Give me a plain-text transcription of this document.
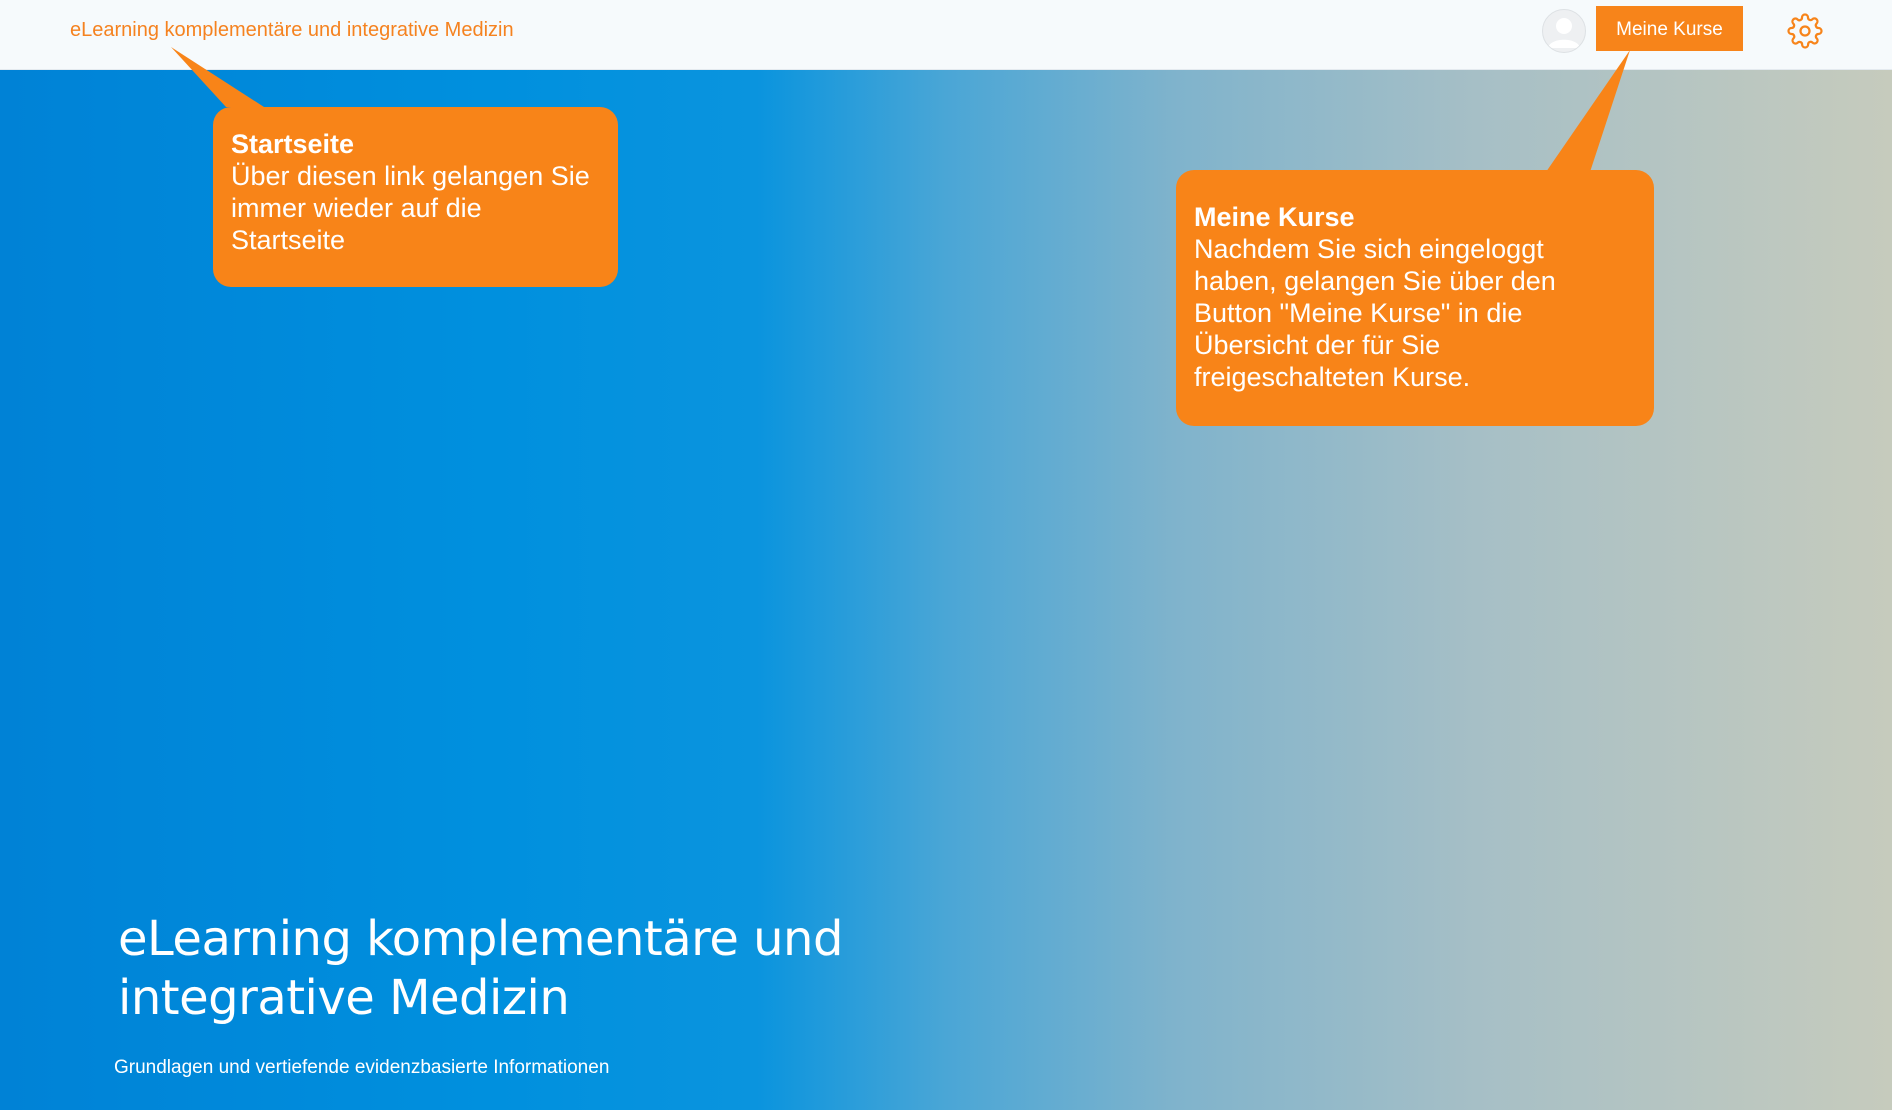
eLearning komplementäre und integrative Medizin	Meine Kurse
Startseite
Über diesen link gelangen Sie
immer wieder auf die
Startseite
Meine Kurse
Nachdem Sie sich eingeloggt
haben, gelangen Sie über den
Button "Meine Kurse" in die
Übersicht der für Sie
freigeschalteten Kurse.
eLearning komplementäre und
integrative Medizin

Grundlagen und vertiefende evidenzbasierte Informationen
